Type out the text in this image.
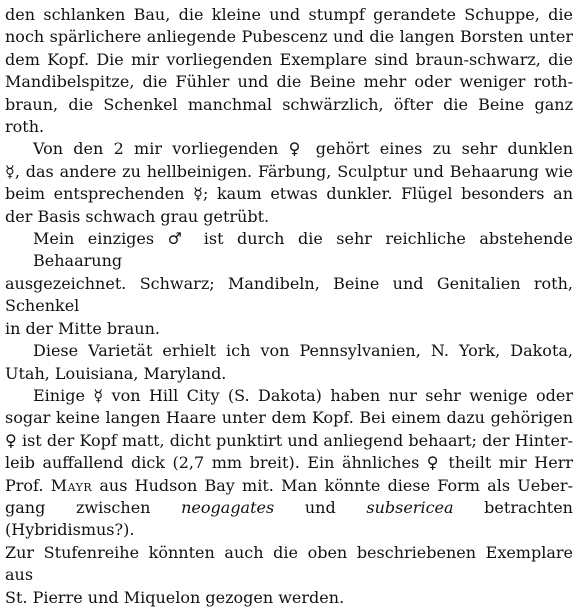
den schlanken Bau, die kleine und stumpf gerandete Schuppe, die
noch spärlichere anliegende Pubescenz und die langen Borsten unter
dem Kopf. Die mir vorliegenden Exemplare sind braun-schwarz, die
Mandibelspitze, die Fühler und die Beine mehr oder weniger roth-
braun, die Schenkel manchmal schwärzlich, öfter die Beine ganz roth.

Von den 2 mir vorliegenden ♀ gehört eines zu sehr dunklen
☿, das andere zu hellbeinigen. Färbung, Sculptur und Behaarung wie
beim entsprechenden ☿; kaum etwas dunkler. Flügel besonders an
der Basis schwach grau getrübt.

Mein einziges ♂ ist durch die sehr reichliche abstehende Behaarung
ausgezeichnet. Schwarz; Mandibeln, Beine und Genitalien roth, Schenkel
in der Mitte braun.

Diese Varietät erhielt ich von Pennsylvanien, N. York, Dakota,
Utah, Louisiana, Maryland.

Einige ☿ von Hill City (S. Dakota) haben nur sehr wenige oder
sogar keine langen Haare unter dem Kopf. Bei einem dazu gehörigen
♀ ist der Kopf matt, dicht punktirt und anliegend behaart; der Hinter-
leib auffallend dick (2,7 mm breit). Ein ähnliches ♀ theilt mir Herr
Prof. Mayr aus Hudson Bay mit. Man könnte diese Form als Ueber-
gang zwischen neogagates und subsericea betrachten (Hybridismus?).
Zur Stufenreihe könnten auch die oben beschriebenen Exemplare aus
St. Pierre und Miquelon gezogen werden.
